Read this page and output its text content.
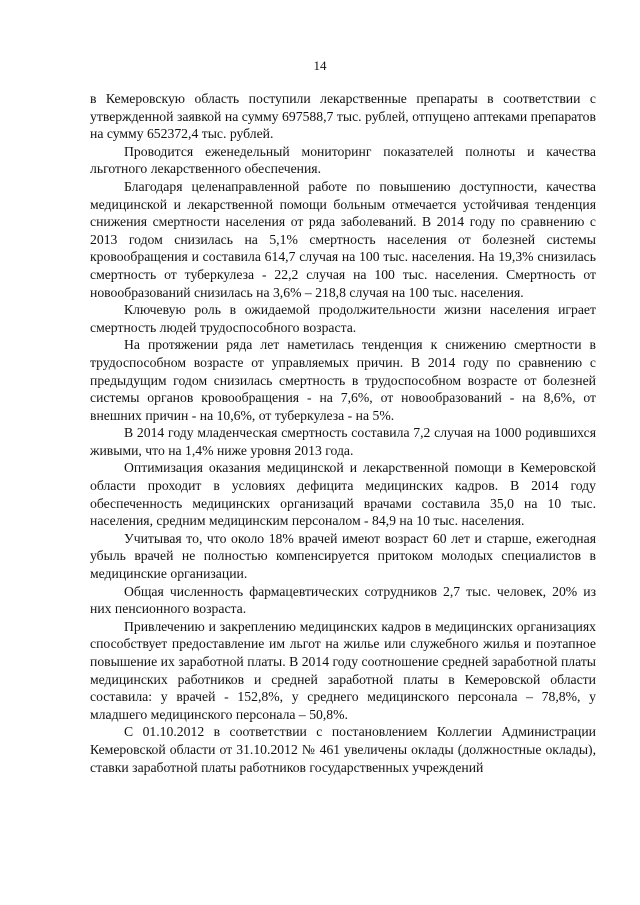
14

в Кемеровскую область поступили лекарственные препараты в соответствии с утвержденной заявкой на сумму 697588,7 тыс. рублей, отпущено аптеками препаратов на сумму 652372,4 тыс. рублей.

Проводится еженедельный мониторинг показателей полноты и качества льготного лекарственного обеспечения.

Благодаря целенаправленной работе по повышению доступности, качества медицинской и лекарственной помощи больным отмечается устойчивая тенденция снижения смертности населения от ряда заболеваний. В 2014 году по сравнению с 2013 годом снизилась на 5,1% смертность населения от болезней системы кровообращения и составила 614,7 случая на 100 тыс. населения. На 19,3% снизилась смертность от туберкулеза - 22,2 случая на 100 тыс. населения. Смертность от новообразований снизилась на 3,6% – 218,8 случая на 100 тыс. населения.

Ключевую роль в ожидаемой продолжительности жизни населения играет смертность людей трудоспособного возраста.

На протяжении ряда лет наметилась тенденция к снижению смертности в трудоспособном возрасте от управляемых причин. В 2014 году по сравнению с предыдущим годом снизилась смертность в трудоспособном возрасте от болезней системы органов кровообращения - на 7,6%, от новообразований - на 8,6%, от внешних причин - на 10,6%, от туберкулеза - на 5%.

В 2014 году младенческая смертность составила 7,2 случая на 1000 родившихся живыми, что на 1,4% ниже уровня 2013 года.

Оптимизация оказания медицинской и лекарственной помощи в Кемеровской области проходит в условиях дефицита медицинских кадров. В 2014 году обеспеченность медицинских организаций врачами составила 35,0 на 10 тыс. населения, средним медицинским персоналом - 84,9 на 10 тыс. населения.

Учитывая то, что около 18% врачей имеют возраст 60 лет и старше, ежегодная убыль врачей не полностью компенсируется притоком молодых специалистов в медицинские организации.

Общая численность фармацевтических сотрудников 2,7 тыс. человек, 20% из них пенсионного возраста.

Привлечению и закреплению медицинских кадров в медицинских организациях способствует предоставление им льгот на жилье или служебного жилья и поэтапное повышение их заработной платы. В 2014 году соотношение средней заработной платы медицинских работников и средней заработной платы в Кемеровской области составила: у врачей - 152,8%, у среднего медицинского персонала – 78,8%, у младшего медицинского персонала – 50,8%.

С 01.10.2012 в соответствии с постановлением Коллегии Администрации Кемеровской области от 31.10.2012 № 461 увеличены оклады (должностные оклады), ставки заработной платы работников государственных учреждений
